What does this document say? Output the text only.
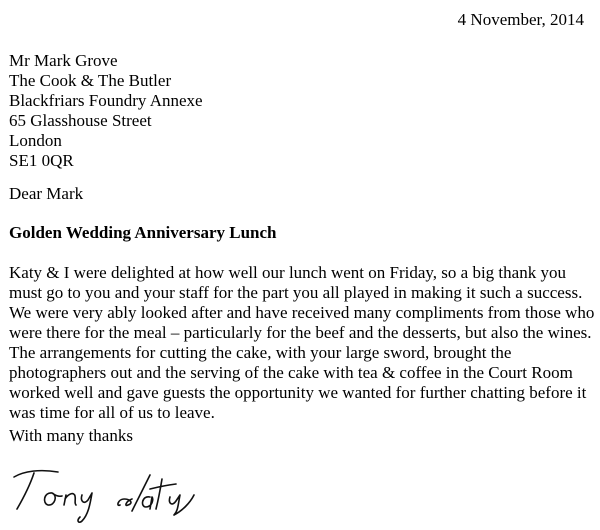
4 November, 2014
Mr Mark Grove
The Cook & The Butler
Blackfriars Foundry Annexe
65 Glasshouse Street
London
SE1 0QR
Dear Mark
Golden Wedding Anniversary Lunch
Katy & I were delighted at how well our lunch went on Friday, so a big thank you
must go to you and your staff for the part you all played in making it such a success.
We were very ably looked after and have received many compliments from those who
were there for the meal – particularly for the beef and the desserts, but also the wines.
The arrangements for cutting the cake, with your large sword, brought the
photographers out and the serving of the cake with tea & coffee in the Court Room
worked well and gave guests the opportunity we wanted for further chatting before it
was time for all of us to leave.
With many thanks
